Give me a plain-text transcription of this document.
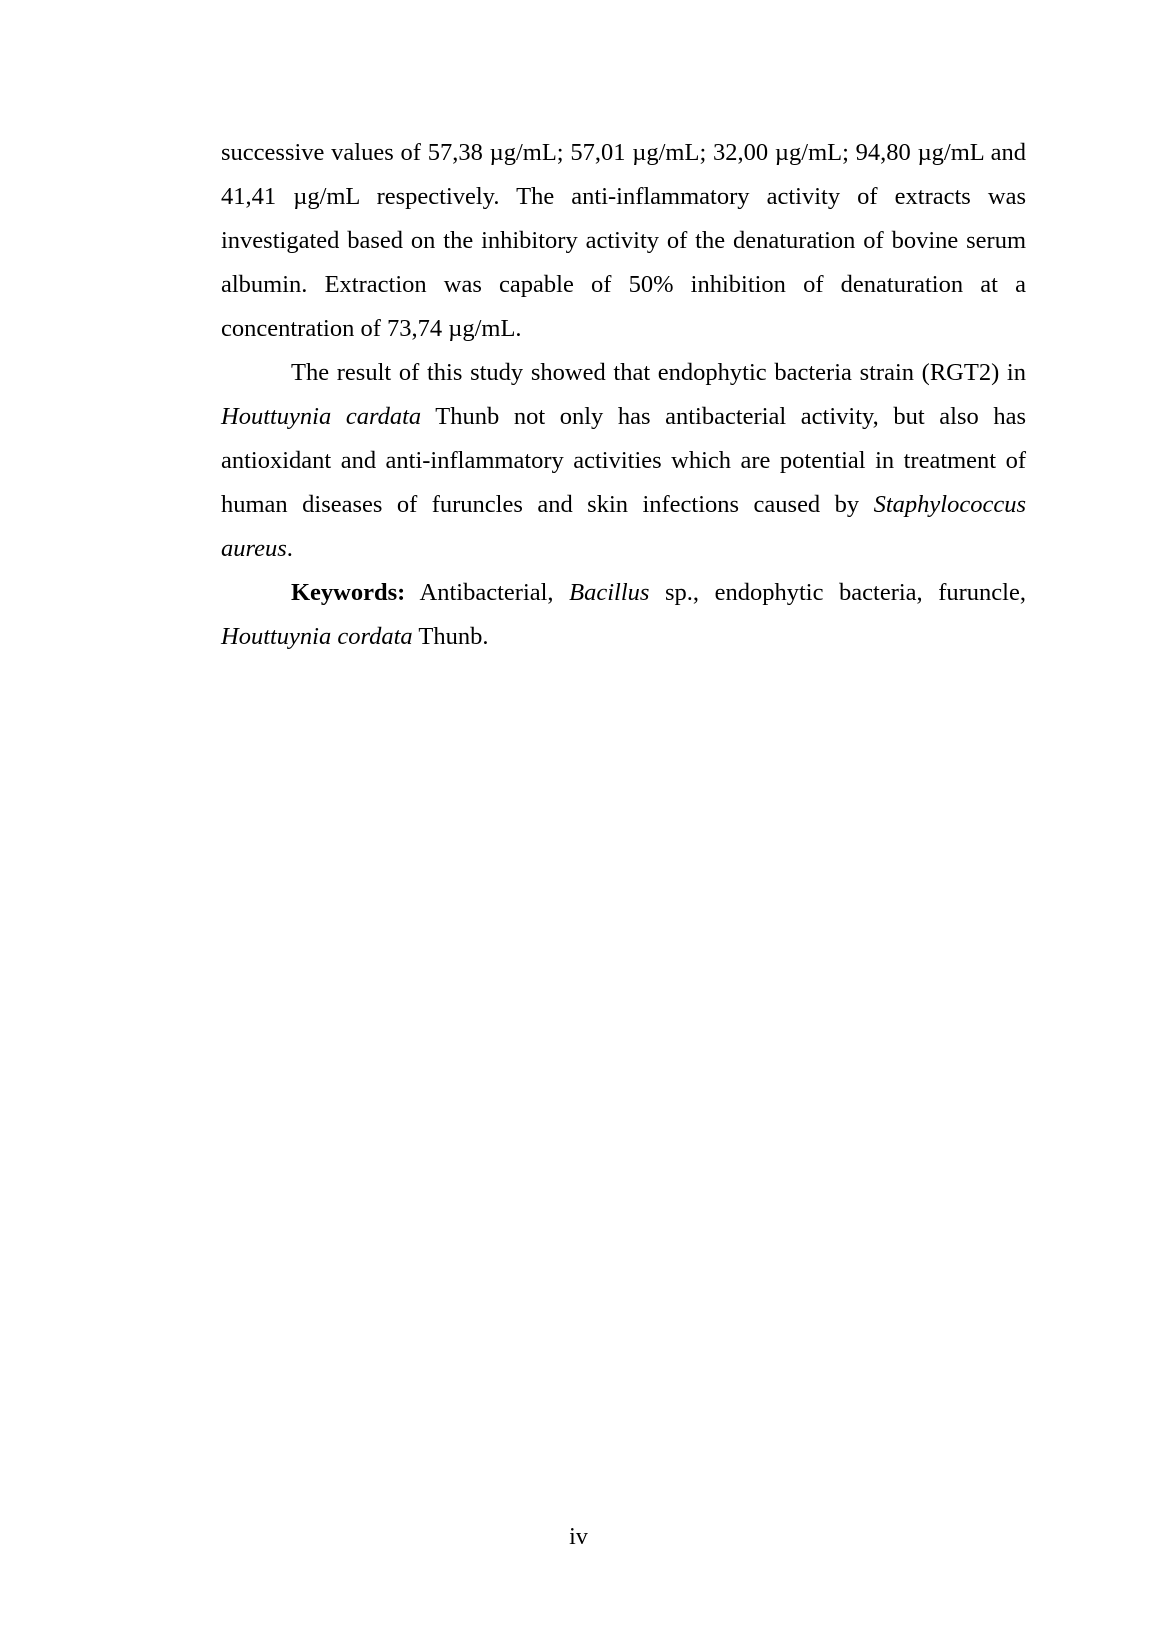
successive values of 57,38 µg/mL; 57,01 µg/mL; 32,00 µg/mL; 94,80 µg/mL and 41,41 µg/mL respectively. The anti-inflammatory activity of extracts was investigated based on the inhibitory activity of the denaturation of bovine serum albumin. Extraction was capable of 50% inhibition of denaturation at a concentration of 73,74 µg/mL.

The result of this study showed that endophytic bacteria strain (RGT2) in Houttuynia cardata Thunb not only has antibacterial activity, but also has antioxidant and anti-inflammatory activities which are potential in treatment of human diseases of furuncles and skin infections caused by Staphylococcus aureus.

Keywords: Antibacterial, Bacillus sp., endophytic bacteria, furuncle, Houttuynia cordata Thunb.

iv
